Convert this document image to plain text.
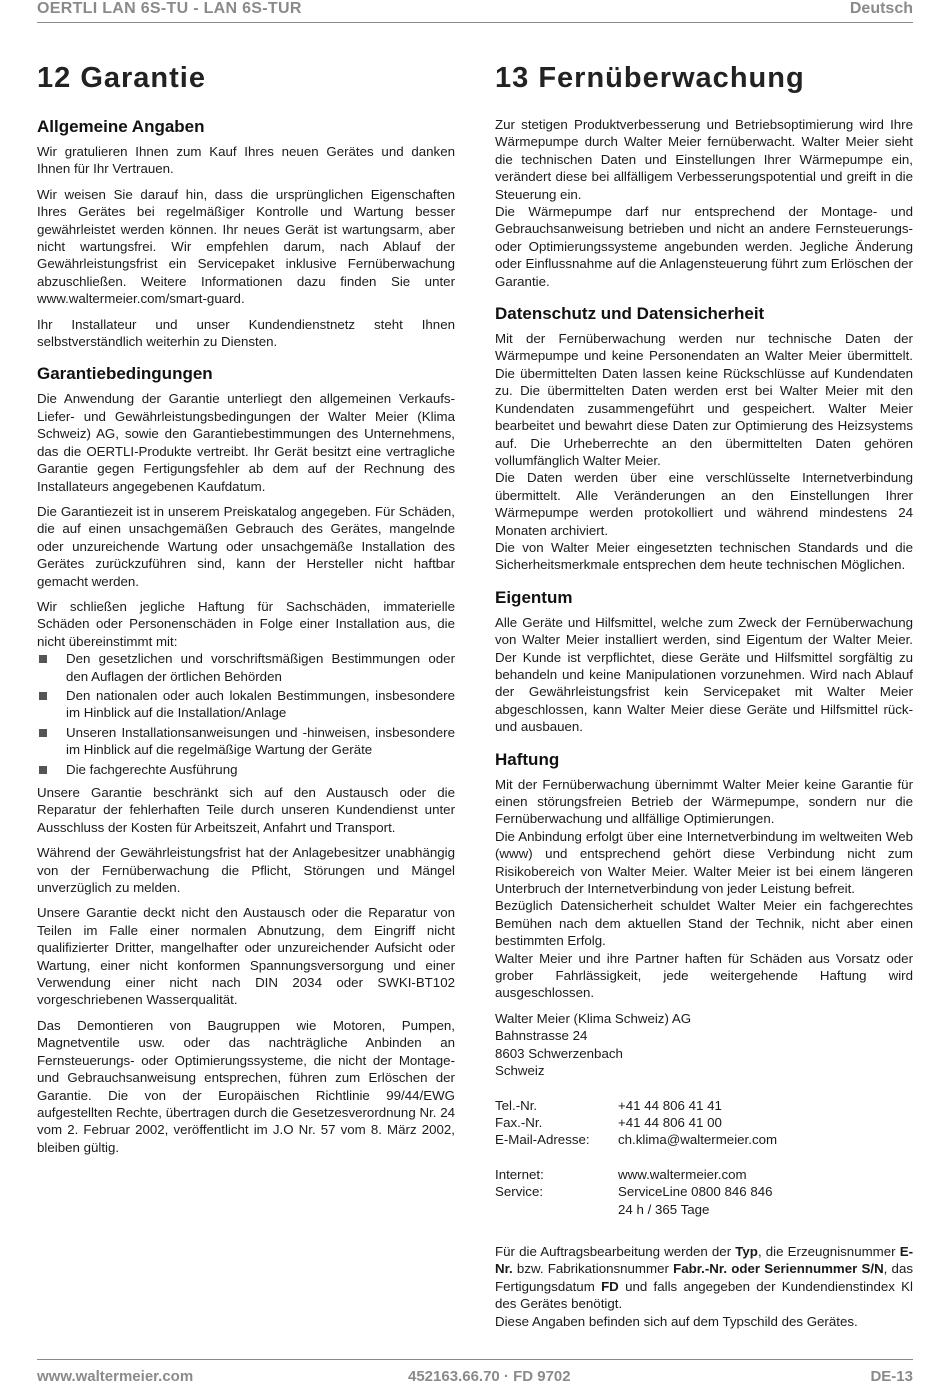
OERTLI LAN 6S-TU - LAN 6S-TUR	Deutsch
12 Garantie
Allgemeine Angaben

Wir gratulieren Ihnen zum Kauf Ihres neuen Gerätes und danken Ihnen für Ihr Vertrauen.

Wir weisen Sie darauf hin, dass die ursprünglichen Eigenschaften Ihres Gerätes bei regelmäßiger Kontrolle und Wartung besser gewährleistet werden können. Ihr neues Gerät ist wartungsarm, aber nicht wartungsfrei. Wir empfehlen darum, nach Ablauf der Gewährleistungsfrist ein Servicepaket inklusive Fernüberwachung abzuschließen. Weitere Informationen dazu finden Sie unter www.waltermeier.com/smart-guard.

Ihr Installateur und unser Kundendienstnetz steht Ihnen selbstverständlich weiterhin zu Diensten.

Garantiebedingungen

Die Anwendung der Garantie unterliegt den allgemeinen Verkaufs-Liefer- und Gewährleistungsbedingungen der Walter Meier (Klima Schweiz) AG, sowie den Garantiebestimmungen des Unternehmens, das die OERTLI-Produkte vertreibt. Ihr Gerät besitzt eine vertragliche Garantie gegen Fertigungsfehler ab dem auf der Rechnung des Installateurs angegebenen Kaufdatum.

Die Garantiezeit ist in unserem Preiskatalog angegeben. Für Schäden, die auf einen unsachgemäßen Gebrauch des Gerätes, mangelnde oder unzureichende Wartung oder unsachgemäße Installation des Gerätes zurückzuführen sind, kann der Hersteller nicht haftbar gemacht werden.

Wir schließen jegliche Haftung für Sachschäden, immaterielle Schäden oder Personenschäden in Folge einer Installation aus, die nicht übereinstimmt mit:

Den gesetzlichen und vorschriftsmäßigen Bestimmungen oder den Auflagen der örtlichen Behörden
Den nationalen oder auch lokalen Bestimmungen, insbesondere im Hinblick auf die Installation/Anlage
Unseren Installationsanweisungen und -hinweisen, insbesondere im Hinblick auf die regelmäßige Wartung der Geräte
Die fachgerechte Ausführung

Unsere Garantie beschränkt sich auf den Austausch oder die Reparatur der fehlerhaften Teile durch unseren Kundendienst unter Ausschluss der Kosten für Arbeitszeit, Anfahrt und Transport.

Während der Gewährleistungsfrist hat der Anlagebesitzer unabhängig von der Fernüberwachung die Pflicht, Störungen und Mängel unverzüglich zu melden.

Unsere Garantie deckt nicht den Austausch oder die Reparatur von Teilen im Falle einer normalen Abnutzung, dem Eingriff nicht qualifizierter Dritter, mangelhafter oder unzureichender Aufsicht oder Wartung, einer nicht konformen Spannungsversorgung und einer Verwendung einer nicht nach DIN 2034 oder SWKI-BT102 vorgeschriebenen Wasserqualität.

Das Demontieren von Baugruppen wie Motoren, Pumpen, Magnetventile usw. oder das nachträgliche Anbinden an Fernsteuerungs- oder Optimierungssysteme, die nicht der Montage- und Gebrauchsanweisung entsprechen, führen zum Erlöschen der Garantie. Die von der Europäischen Richtlinie 99/44/EWG aufgestellten Rechte, übertragen durch die Gesetzesverordnung Nr. 24 vom 2. Februar 2002, veröffentlicht im J.O Nr. 57 vom 8. März 2002, bleiben gültig.

13 Fernüberwachung

Zur stetigen Produktverbesserung und Betriebsoptimierung wird Ihre Wärmepumpe durch Walter Meier fernüberwacht. Walter Meier sieht die technischen Daten und Einstellungen Ihrer Wärmepumpe ein, verändert diese bei allfälligem Verbesserungspotential und greift in die Steuerung ein.

Die Wärmepumpe darf nur entsprechend der Montage- und Gebrauchsanweisung betrieben und nicht an andere Fernsteuerungs- oder Optimierungssysteme angebunden werden. Jegliche Änderung oder Einflussnahme auf die Anlagensteuerung führt zum Erlöschen der Garantie.

Datenschutz und Datensicherheit

Mit der Fernüberwachung werden nur technische Daten der Wärmepumpe und keine Personendaten an Walter Meier übermittelt. Die übermittelten Daten lassen keine Rückschlüsse auf Kundendaten zu. Die übermittelten Daten werden erst bei Walter Meier mit den Kundendaten zusammengeführt und gespeichert. Walter Meier bearbeitet und bewahrt diese Daten zur Optimierung des Heizsystems auf. Die Urheberrechte an den übermittelten Daten gehören vollumfänglich Walter Meier.

Die Daten werden über eine verschlüsselte Internetverbindung übermittelt. Alle Veränderungen an den Einstellungen Ihrer Wärmepumpe werden protokolliert und während mindestens 24 Monaten archiviert.

Die von Walter Meier eingesetzten technischen Standards und die Sicherheitsmerkmale entsprechen dem heute technischen Möglichen.

Eigentum

Alle Geräte und Hilfsmittel, welche zum Zweck der Fernüberwachung von Walter Meier installiert werden, sind Eigentum der Walter Meier. Der Kunde ist verpflichtet, diese Geräte und Hilfsmittel sorgfältig zu behandeln und keine Manipulationen vorzunehmen. Wird nach Ablauf der Gewährleistungsfrist kein Servicepaket mit Walter Meier abgeschlossen, kann Walter Meier diese Geräte und Hilfsmittel rück- und ausbauen.

Haftung

Mit der Fernüberwachung übernimmt Walter Meier keine Garantie für einen störungsfreien Betrieb der Wärmepumpe, sondern nur die Fernüberwachung und allfällige Optimierungen.

Die Anbindung erfolgt über eine Internetverbindung im weltweiten Web (www) und entsprechend gehört diese Verbindung nicht zum Risikobereich von Walter Meier. Walter Meier ist bei einem längeren Unterbruch der Internetverbindung von jeder Leistung befreit.

Bezüglich Datensicherheit schuldet Walter Meier ein fachgerechtes Bemühen nach dem aktuellen Stand der Technik, nicht aber einen bestimmten Erfolg.

Walter Meier und ihre Partner haften für Schäden aus Vorsatz oder grober Fahrlässigkeit, jede weitergehende Haftung wird ausgeschlossen.

Walter Meier (Klima Schweiz) AG

Bahnstrasse 24

8603 Schwerzenbach

Schweiz

Tel.-Nr.	+41 44 806 41 41
Fax.-Nr.	+41 44 806 41 00
E-Mail-Adresse:	ch.klima@waltermeier.com
Internet:	www.waltermeier.com
Service:	ServiceLine 0800 846 846
24 h / 365 Tage

Für die Auftragsbearbeitung werden der Typ, die Erzeugnisnummer E-Nr. bzw. Fabrikationsnummer Fabr.-Nr. oder Seriennummer S/N, das Fertigungsdatum FD und falls angegeben der Kundendienstindex Kl des Gerätes benötigt.

Diese Angaben befinden sich auf dem Typschild des Gerätes.

www.waltermeier.com	452163.66.70 · FD 9702	DE-13
